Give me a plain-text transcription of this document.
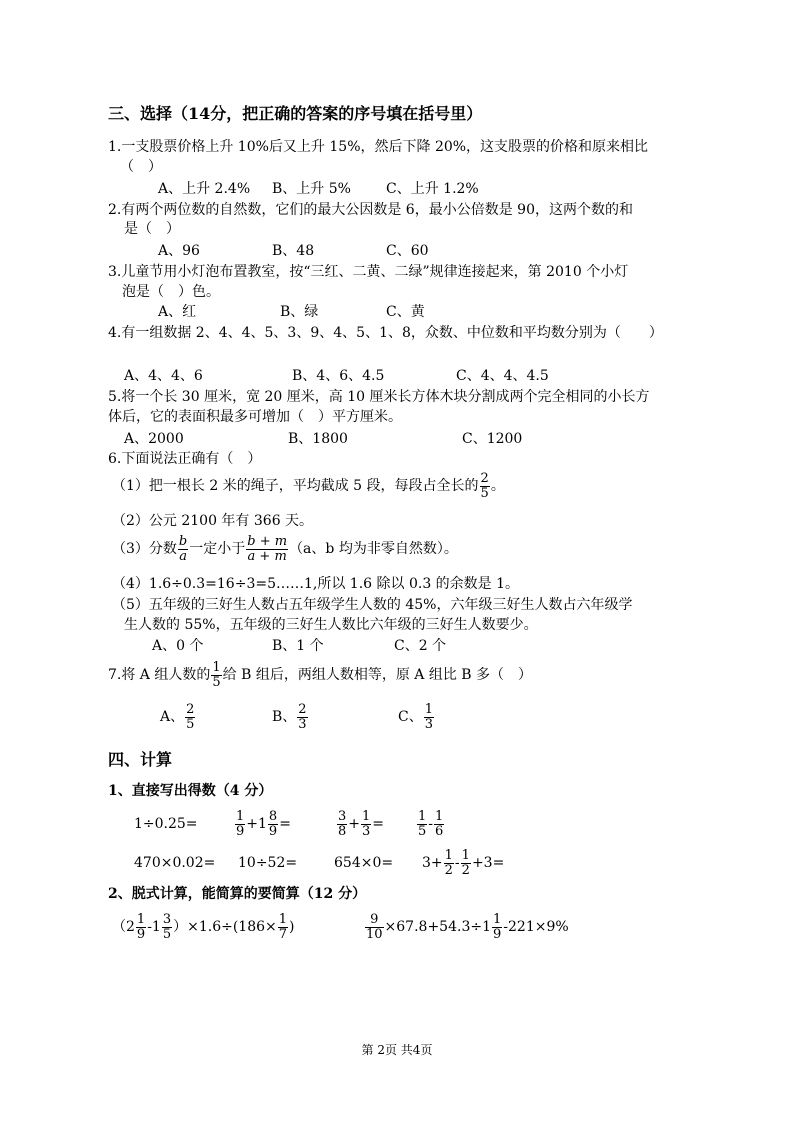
三、选择（14分，把正确的答案的序号填在括号里）
1.一支股票价格上升 10%后又上升 15%，然后下降 20%，这支股票的价格和原来相比
（　）
A、上升 2.4% B、上升 5%	C、上升 1.2%
2.有两个两位数的自然数，它们的最大公因数是 6，最小公倍数是 90，这两个数的和
是（　）
A、96	B、48	C、60
3.儿童节用小灯泡布置教室，按“三红、二黄、二绿”规律连接起来，第 2010 个小灯
泡是（　）色。
A、红	B、绿	C、黄
4.有一组数据 2、4、4、5、3、9、4、5、1、8，众数、中位数和平均数分别为（　　）
A、4、4、6	B、4、6、4.5	C、4、4、4.5
5.将一个长 30 厘米，宽 20 厘米，高 10 厘米长方体木块分割成两个完全相同的小长方
体后，它的表面积最多可增加（　）平方厘米。
A、2000	B、1800	C、1200
6.下面说法正确有（　）
（1）把一根长 2 米的绳子，平均截成 5 段，每段占全长的 $\frac{2}{5}$ 。
（2）公元 2100 年有 366 天。
（3）分数 $\frac{b}{a}$ 一定小于 $\frac{b + m}{a + m} (a$、b 均为非零自然数）。
（4）1.6÷0.3=16÷3=5……1,所以 1.6 除以 0.3 的余数是 1。
（5）五年级的三好生人数占五年级学生人数的 45%，六年级三好生人数占六年级学
生人数的 55%，五年级的三好生人数比六年级的三好生人数要少。
A、0 个	B、1 个	C、2 个
7.将 A 组人数的 $\frac{1}{5}$ 给 B 组后，两组人数相等，原 A 组比 B 多（　）
A、 $\frac{2}{5}$	B、 $\frac{2}{3}$	C、 $\frac{1}{3}$
四、计算
1、直接写出得数（4 分）
1÷0.25=	$\frac{1}{9} +1 \frac{8}{9}$ =	$\frac{3}{8} + \frac{1}{3}$ =	$\frac{1}{5} - \frac{1}{6}$
470×0.02= 10÷52=	$654\times 0= 3+ \frac{1}{2} - \frac{1}{2} +3=$
2、脱式计算，能简算的要简算（12 分）
$(2 \frac{1}{9} -1 \frac{3}{5} )\times 1.6\div(186\times \frac{1}{7}$ )	$\frac{9}{10} \times 67.8+54.3\div 1 \frac{1}{9} -221\times 9\%$
第 2页 共4页
